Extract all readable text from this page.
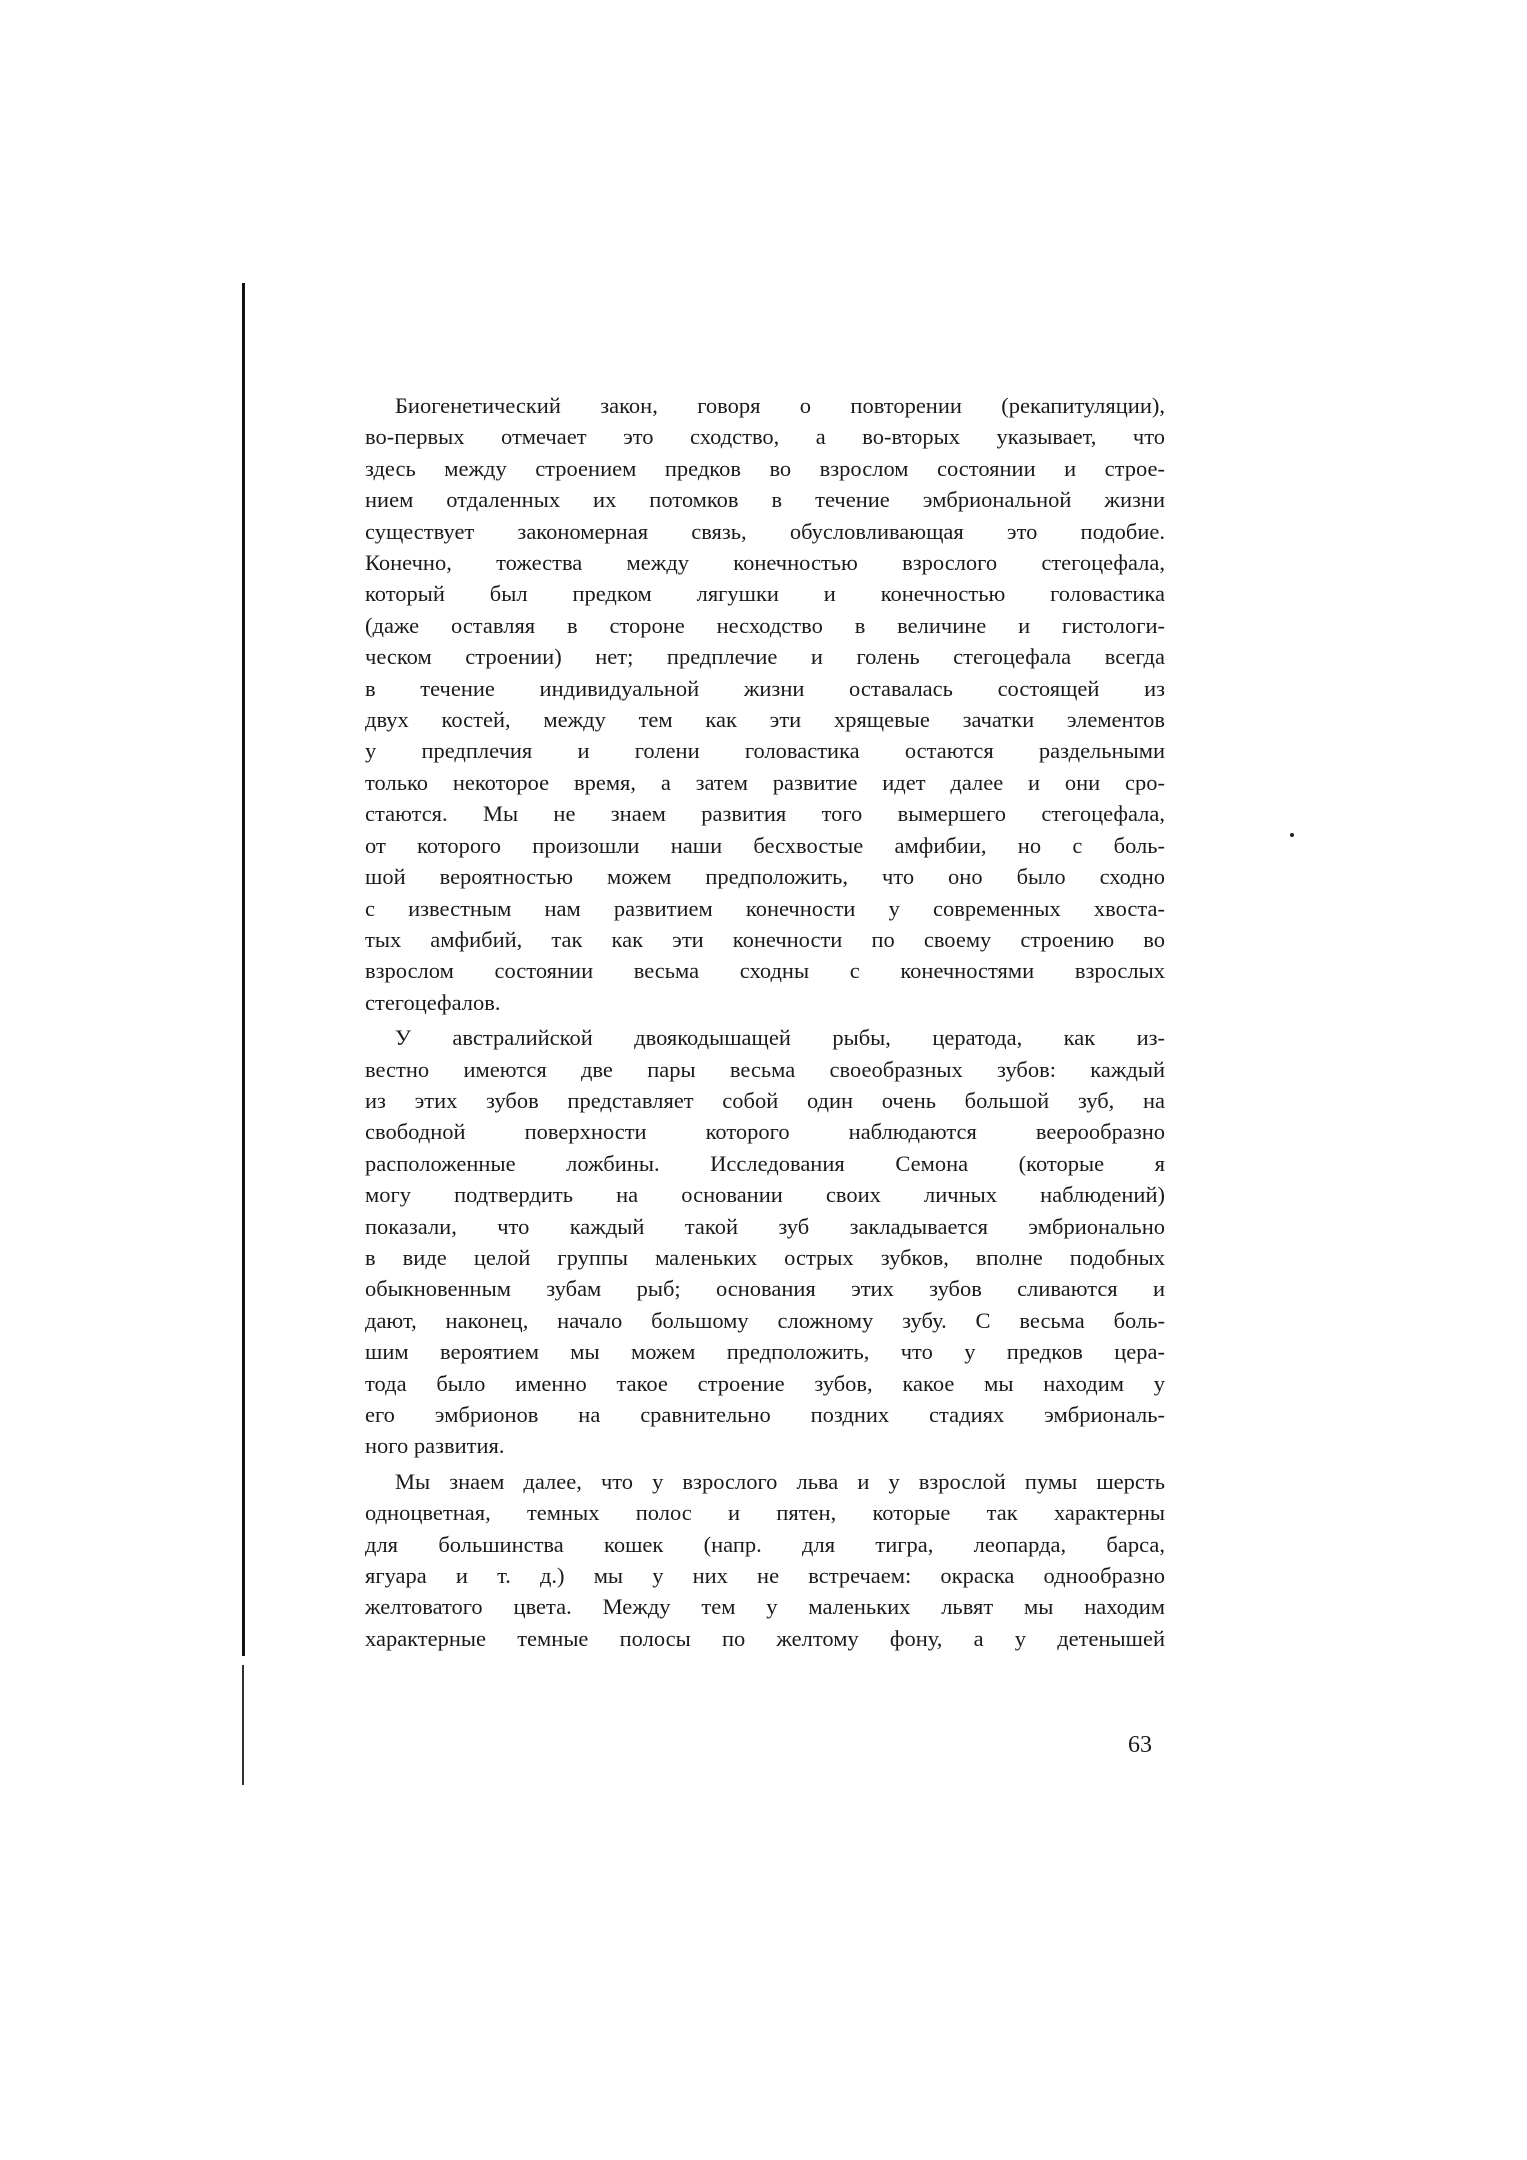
Биогенетический закон, говоря о повторении (рекапитуляции),
во-первых отмечает это сходство, а во-вторых указывает, что
здесь между строением предков во взрослом состоянии и строе-
нием отдаленных их потомков в течение эмбриональной жизни
существует закономерная связь, обусловливающая это подобие.
Конечно, тожества между конечностью взрослого стегоцефала,
который был предком лягушки и конечностью головастика
(даже оставляя в стороне несходство в величине и гистологи-
ческом строении) нет; предплечие и голень стегоцефала всегда
в течение индивидуальной жизни оставалась состоящей из
двух костей, между тем как эти хрящевые зачатки элементов
у предплечия и голени головастика остаются раздельными
только некоторое время, а затем развитие идет далее и они сро-
стаются. Мы не знаем развития того вымершего стегоцефала,
от которого произошли наши бесхвостые амфибии, но с боль-
шой вероятностью можем предположить, что оно было сходно
с известным нам развитием конечности у современных хвоста-
тых амфибий, так как эти конечности по своему строению во
взрослом состоянии весьма сходны с конечностями взрослых
стегоцефалов.

У австралийской двоякодышащей рыбы, цератода, как из-
вестно имеются две пары весьма своеобразных зубов: каждый
из этих зубов представляет собой один очень большой зуб, на
свободной поверхности которого наблюдаются веерообразно
расположенные ложбины. Исследования Семона (которые я
могу подтвердить на основании своих личных наблюдений)
показали, что каждый такой зуб закладывается эмбрионально
в виде целой группы маленьких острых зубков, вполне подобных
обыкновенным зубам рыб; основания этих зубов сливаются и
дают, наконец, начало большому сложному зубу. С весьма боль-
шим вероятием мы можем предположить, что у предков цера-
тода было именно такое строение зубов, какое мы находим у
его эмбрионов на сравнительно поздних стадиях эмбриональ-
ного развития.

Мы знаем далее, что у взрослого льва и у взрослой пумы шерсть
одноцветная, темных полос и пятен, которые так характерны
для большинства кошек (напр. для тигра, леопарда, барса,
ягуара и т. д.) мы у них не встречаем: окраска однообразно
желтоватого цвета. Между тем у маленьких львят мы находим
характерные темные полосы по желтому фону, а у детенышей

63
